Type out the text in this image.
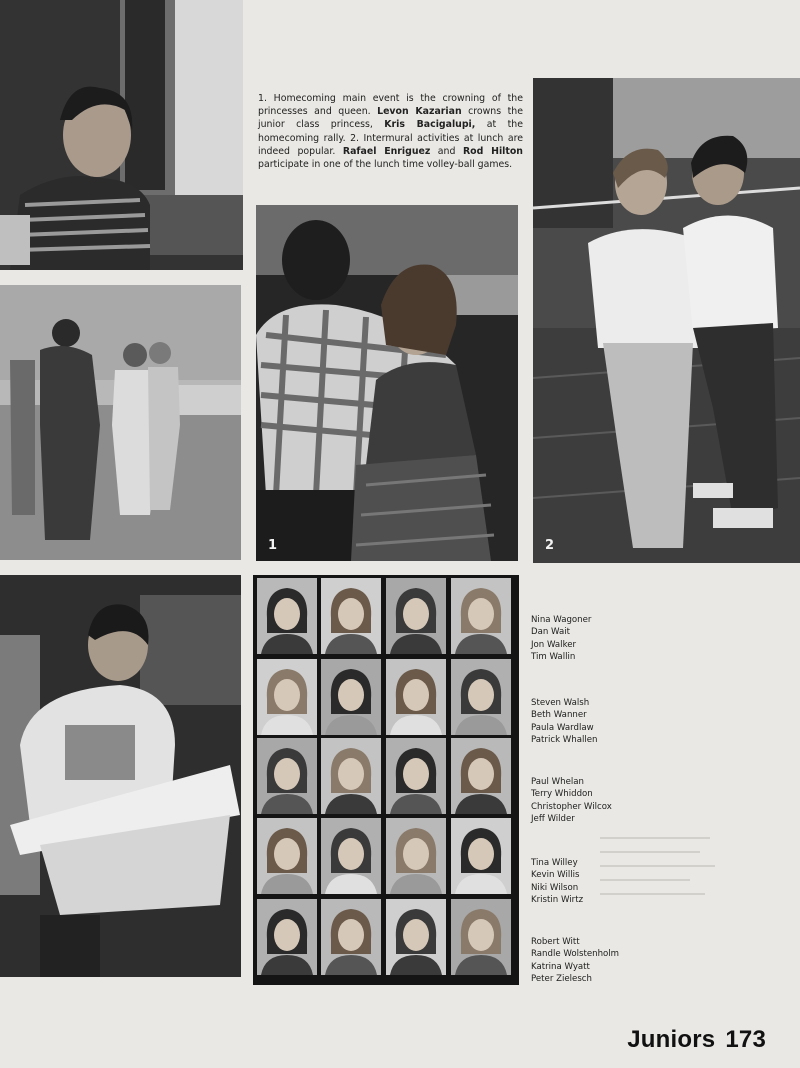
1. Homecoming main event is the crowning of the princesses and queen. Levon Kazarian crowns the junior class princess, Kris Bacigalupi, at the homecoming rally. 2. Intermural activities at lunch are indeed popular. Rafael Enriguez and Rod Hilton participate in one of the lunch time volley-ball games.
1	2
Nina Wagoner
Dan Wait
Jon Walker
Tim Wallin
Steven Walsh
Beth Wanner
Paula Wardlaw
Patrick Whallen
Paul Whelan
Terry Whiddon
Christopher Wilcox
Jeff Wilder
Tina Willey
Kevin Willis
Niki Wilson
Kristin Wirtz
Robert Witt
Randle Wolstenholm
Katrina Wyatt
Peter Zielesch
Juniors 173
